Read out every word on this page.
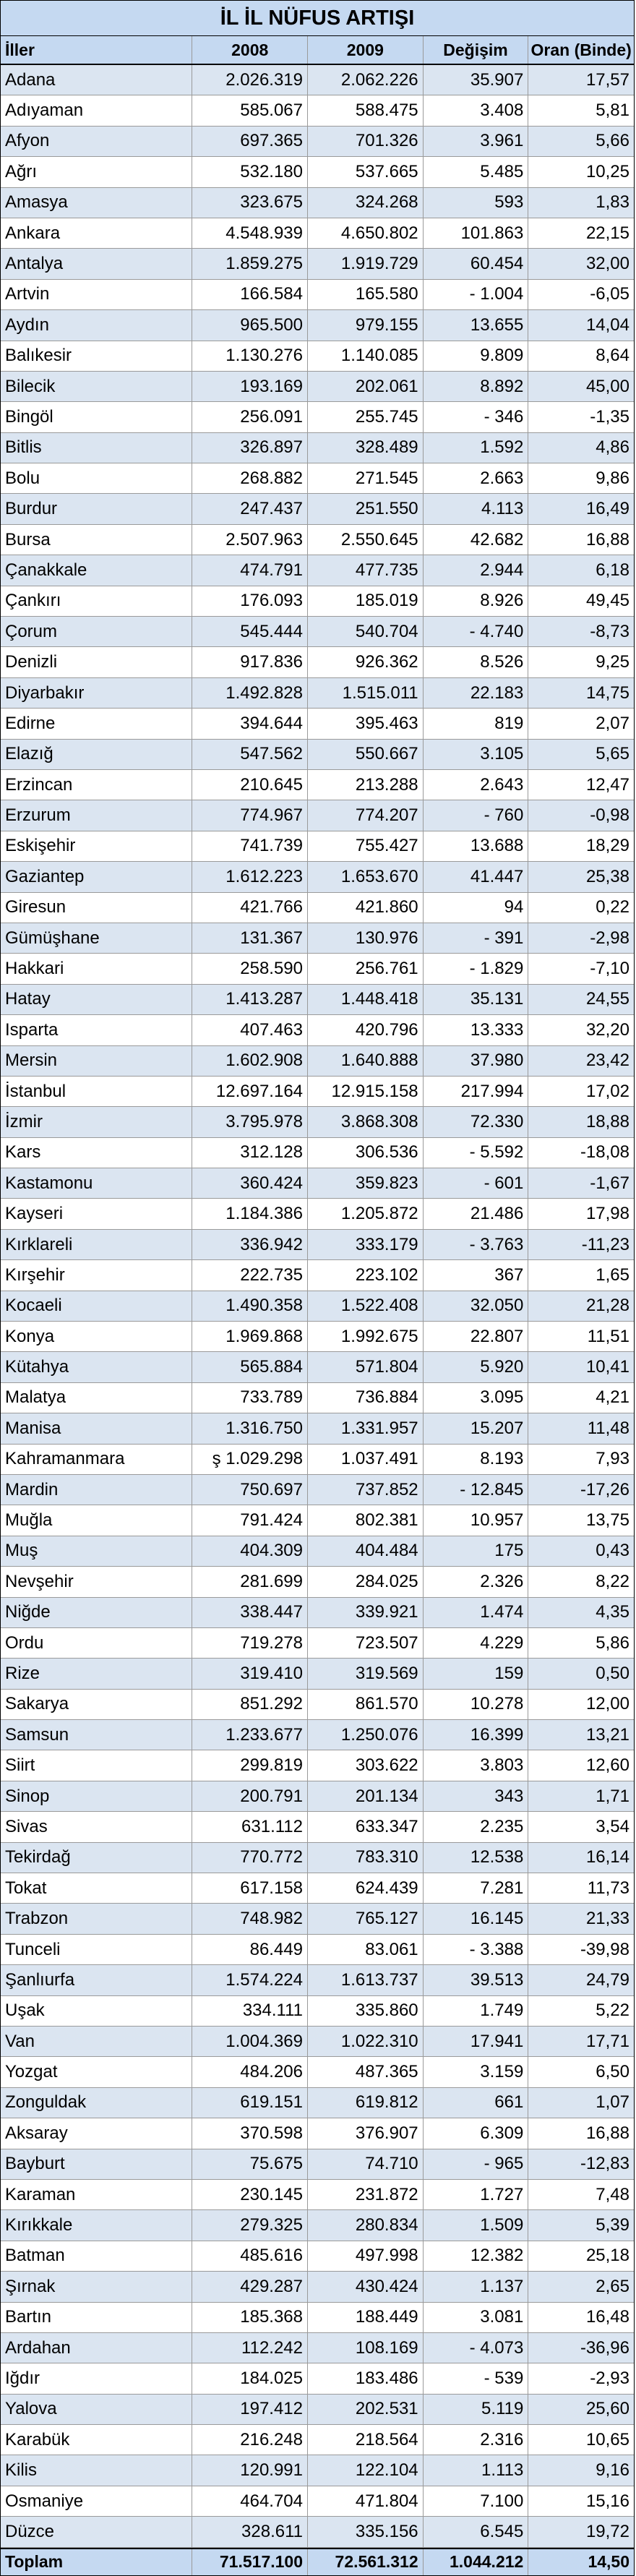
İL İL NÜFUS ARTIŞI
İller	2008	2009	Değişim	Oran (Binde)
Adana	2.026.319	2.062.226	35.907	17,57
Adıyaman	585.067	588.475	3.408	5,81
Afyon	697.365	701.326	3.961	5,66
Ağrı	532.180	537.665	5.485	10,25
Amasya	323.675	324.268	593	1,83
Ankara	4.548.939	4.650.802	101.863	22,15
Antalya	1.859.275	1.919.729	60.454	32,00
Artvin	166.584	165.580	- 1.004	-6,05
Aydın	965.500	979.155	13.655	14,04
Balıkesir	1.130.276	1.140.085	9.809	8,64
Bilecik	193.169	202.061	8.892	45,00
Bingöl	256.091	255.745	- 346	-1,35
Bitlis	326.897	328.489	1.592	4,86
Bolu	268.882	271.545	2.663	9,86
Burdur	247.437	251.550	4.113	16,49
Bursa	2.507.963	2.550.645	42.682	16,88
Çanakkale	474.791	477.735	2.944	6,18
Çankırı	176.093	185.019	8.926	49,45
Çorum	545.444	540.704	- 4.740	-8,73
Denizli	917.836	926.362	8.526	9,25
Diyarbakır	1.492.828	1.515.011	22.183	14,75
Edirne	394.644	395.463	819	2,07
Elazığ	547.562	550.667	3.105	5,65
Erzincan	210.645	213.288	2.643	12,47
Erzurum	774.967	774.207	- 760	-0,98
Eskişehir	741.739	755.427	13.688	18,29
Gaziantep	1.612.223	1.653.670	41.447	25,38
Giresun	421.766	421.860	94	0,22
Gümüşhane	131.367	130.976	- 391	-2,98
Hakkari	258.590	256.761	- 1.829	-7,10
Hatay	1.413.287	1.448.418	35.131	24,55
Isparta	407.463	420.796	13.333	32,20
Mersin	1.602.908	1.640.888	37.980	23,42
İstanbul	12.697.164	12.915.158	217.994	17,02
İzmir	3.795.978	3.868.308	72.330	18,88
Kars	312.128	306.536	- 5.592	-18,08
Kastamonu	360.424	359.823	- 601	-1,67
Kayseri	1.184.386	1.205.872	21.486	17,98
Kırklareli	336.942	333.179	- 3.763	-11,23
Kırşehir	222.735	223.102	367	1,65
Kocaeli	1.490.358	1.522.408	32.050	21,28
Konya	1.969.868	1.992.675	22.807	11,51
Kütahya	565.884	571.804	5.920	10,41
Malatya	733.789	736.884	3.095	4,21
Manisa	1.316.750	1.331.957	15.207	11,48
Kahramanmara	ş 1.029.298	1.037.491	8.193	7,93
Mardin	750.697	737.852	- 12.845	-17,26
Muğla	791.424	802.381	10.957	13,75
Muş	404.309	404.484	175	0,43
Nevşehir	281.699	284.025	2.326	8,22
Niğde	338.447	339.921	1.474	4,35
Ordu	719.278	723.507	4.229	5,86
Rize	319.410	319.569	159	0,50
Sakarya	851.292	861.570	10.278	12,00
Samsun	1.233.677	1.250.076	16.399	13,21
Siirt	299.819	303.622	3.803	12,60
Sinop	200.791	201.134	343	1,71
Sivas	631.112	633.347	2.235	3,54
Tekirdağ	770.772	783.310	12.538	16,14
Tokat	617.158	624.439	7.281	11,73
Trabzon	748.982	765.127	16.145	21,33
Tunceli	86.449	83.061	- 3.388	-39,98
Şanlıurfa	1.574.224	1.613.737	39.513	24,79
Uşak	334.111	335.860	1.749	5,22
Van	1.004.369	1.022.310	17.941	17,71
Yozgat	484.206	487.365	3.159	6,50
Zonguldak	619.151	619.812	661	1,07
Aksaray	370.598	376.907	6.309	16,88
Bayburt	75.675	74.710	- 965	-12,83
Karaman	230.145	231.872	1.727	7,48
Kırıkkale	279.325	280.834	1.509	5,39
Batman	485.616	497.998	12.382	25,18
Şırnak	429.287	430.424	1.137	2,65
Bartın	185.368	188.449	3.081	16,48
Ardahan	112.242	108.169	- 4.073	-36,96
Iğdır	184.025	183.486	- 539	-2,93
Yalova	197.412	202.531	5.119	25,60
Karabük	216.248	218.564	2.316	10,65
Kilis	120.991	122.104	1.113	9,16
Osmaniye	464.704	471.804	7.100	15,16
Düzce	328.611	335.156	6.545	19,72
Toplam	71.517.100	72.561.312	1.044.212	14,50
